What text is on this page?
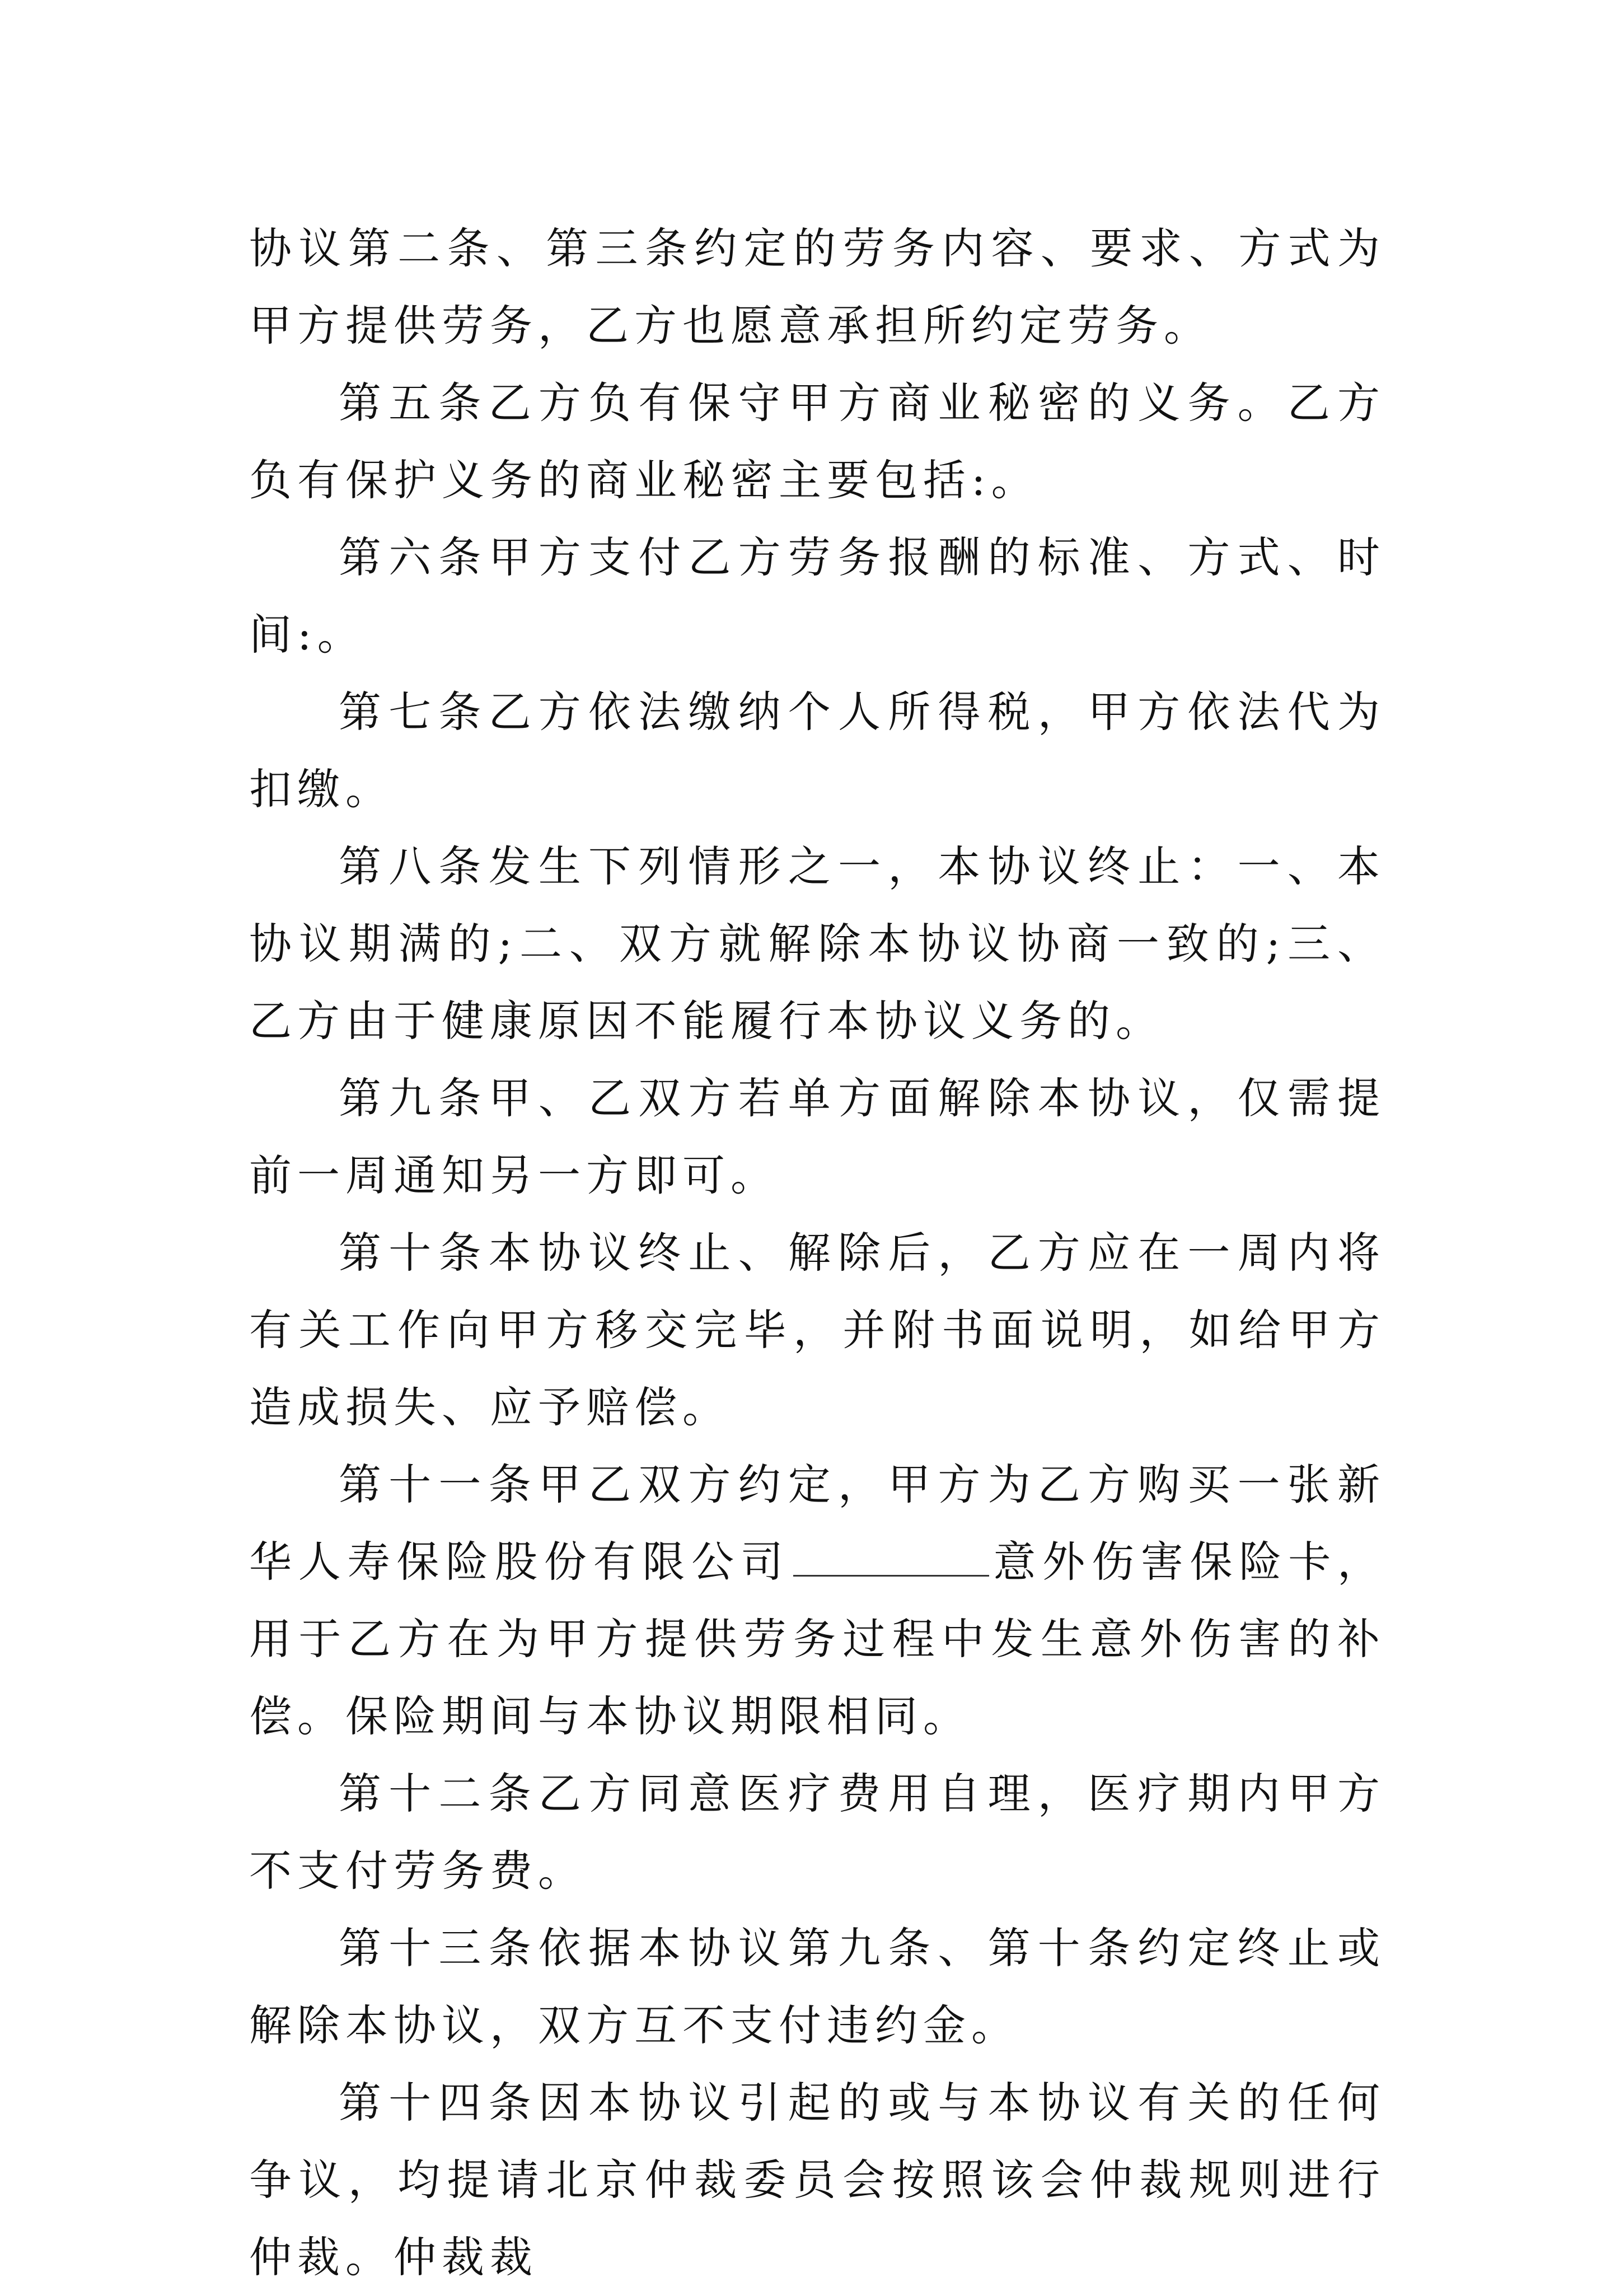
协议第二条、第三条约定的劳务内容、要求、方式为甲方提供劳务，乙方也愿意承担所约定劳务。

第五条乙方负有保守甲方商业秘密的义务。乙方负有保护义务的商业秘密主要包括:。

第六条甲方支付乙方劳务报酬的标准、方式、时间:。

第七条乙方依法缴纳个人所得税，甲方依法代为扣缴。

第八条发生下列情形之一，本协议终止：一、本协议期满的;二、双方就解除本协议协商一致的;三、乙方由于健康原因不能履行本协议义务的。

第九条甲、乙双方若单方面解除本协议，仅需提前一周通知另一方即可。

第十条本协议终止、解除后，乙方应在一周内将有关工作向甲方移交完毕，并附书面说明，如给甲方造成损失、应予赔偿。

第十一条甲乙双方约定，甲方为乙方购买一张新华人寿保险股份有限公司	意外伤害保险卡，用于乙方在为甲方提供劳务过程中发生意外伤害的补偿。保险期间与本协议期限相同。

第十二条乙方同意医疗费用自理，医疗期内甲方不支付劳务费。

第十三条依据本协议第九条、第十条约定终止或解除本协议，双方互不支付违约金。

第十四条因本协议引起的或与本协议有关的任何争议，均提请北京仲裁委员会按照该会仲裁规则进行仲裁。仲裁裁
